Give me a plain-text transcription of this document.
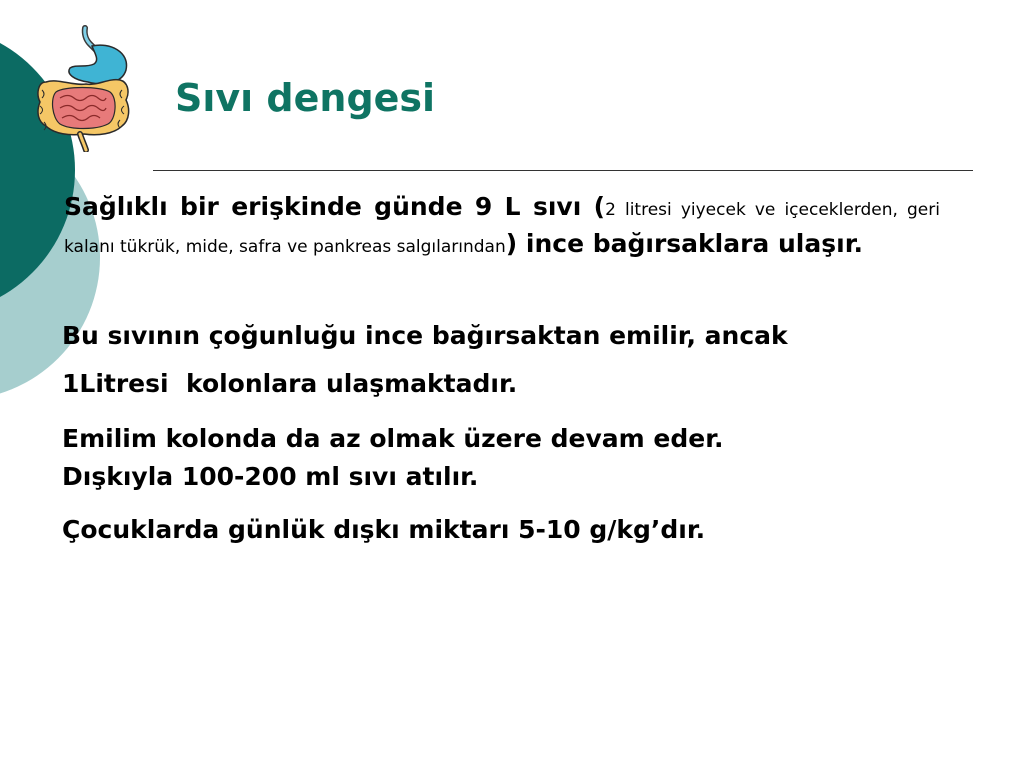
Sıvı dengesi

Sağlıklı bir erişkinde günde 9 L sıvı (2 litresi yiyecek ve içeceklerden, geri kalanı tükrük, mide, safra ve pankreas salgılarından) ince bağırsaklara ulaşır.

Bu sıvının çoğunluğu ince bağırsaktan emilir, ancak
1Litresi  kolonlara ulaşmaktadır.

Emilim kolonda da az olmak üzere devam eder.
Dışkıyla 100-200 ml sıvı atılır.

Çocuklarda günlük dışkı miktarı 5-10 g/kg’dır.
